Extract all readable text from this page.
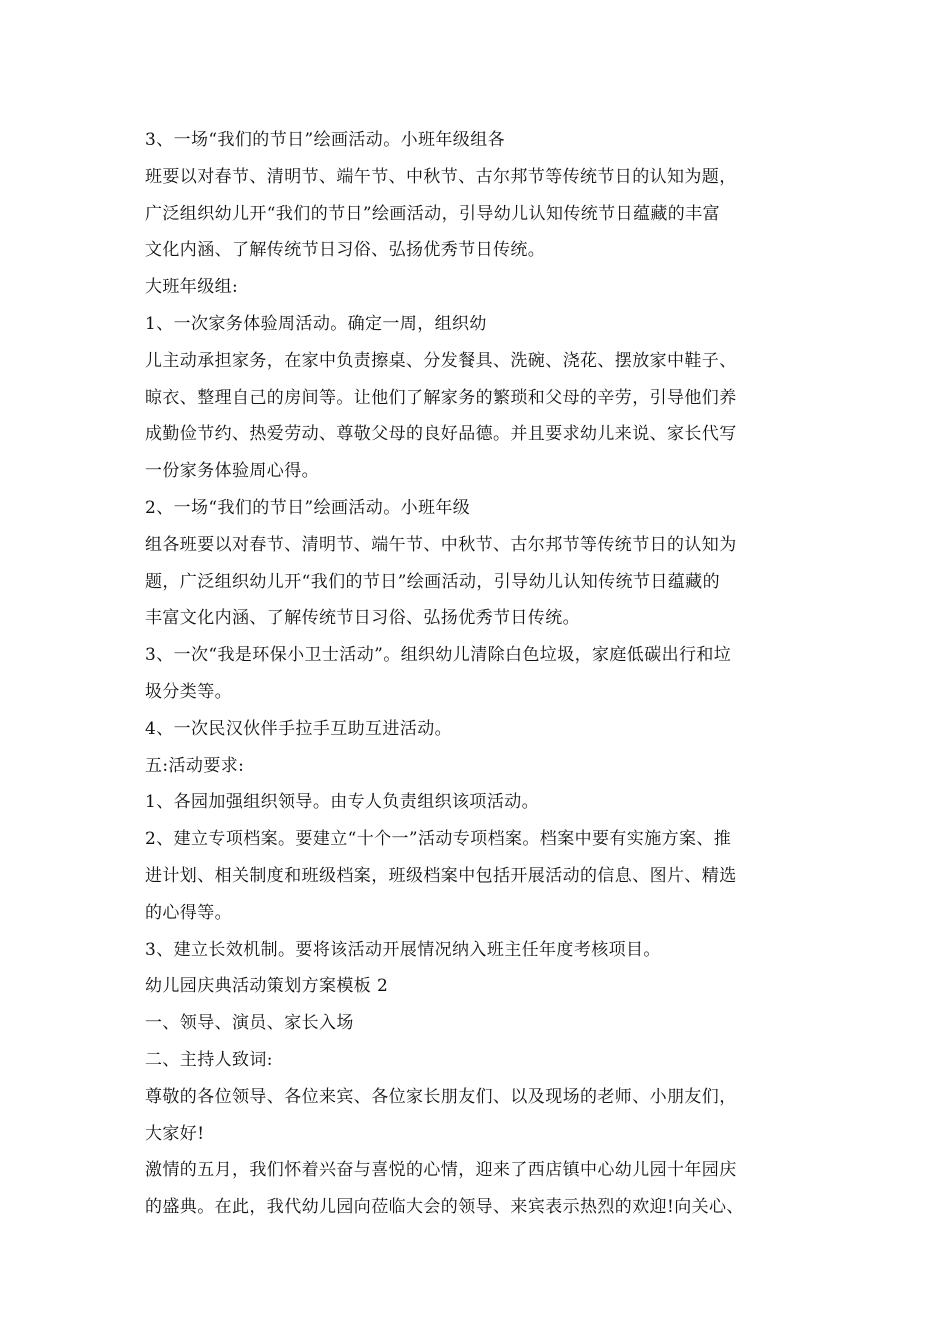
3、一场“我们的节日”绘画活动。小班年级组各
班要以对春节、清明节、端午节、中秋节、古尔邦节等传统节日的认知为题，
广泛组织幼儿开“我们的节日”绘画活动，引导幼儿认知传统节日蕴藏的丰富
文化内涵、了解传统节日习俗、弘扬优秀节日传统。
大班年级组:
1、一次家务体验周活动。确定一周，组织幼
儿主动承担家务，在家中负责擦桌、分发餐具、洗碗、浇花、摆放家中鞋子、
晾衣、整理自己的房间等。让他们了解家务的繁琐和父母的辛劳，引导他们养
成勤俭节约、热爱劳动、尊敬父母的良好品德。并且要求幼儿来说、家长代写
一份家务体验周心得。
2、一场“我们的节日”绘画活动。小班年级
组各班要以对春节、清明节、端午节、中秋节、古尔邦节等传统节日的认知为
题，广泛组织幼儿开“我们的节日”绘画活动，引导幼儿认知传统节日蕴藏的
丰富文化内涵、了解传统节日习俗、弘扬优秀节日传统。
3、一次“我是环保小卫士活动”。组织幼儿清除白色垃圾，家庭低碳出行和垃
圾分类等。
4、一次民汉伙伴手拉手互助互进活动。
五:活动要求:
1、各园加强组织领导。由专人负责组织该项活动。
2、建立专项档案。要建立“十个一”活动专项档案。档案中要有实施方案、推
进计划、相关制度和班级档案，班级档案中包括开展活动的信息、图片、精选
的心得等。
3、建立长效机制。要将该活动开展情况纳入班主任年度考核项目。
幼儿园庆典活动策划方案模板 2
一、领导、演员、家长入场
二、主持人致词:
尊敬的各位领导、各位来宾、各位家长朋友们、以及现场的老师、小朋友们，
大家好!
激情的五月，我们怀着兴奋与喜悦的心情，迎来了西店镇中心幼儿园十年园庆
的盛典。在此，我代幼儿园向莅临大会的领导、来宾表示热烈的欢迎!向关心、
